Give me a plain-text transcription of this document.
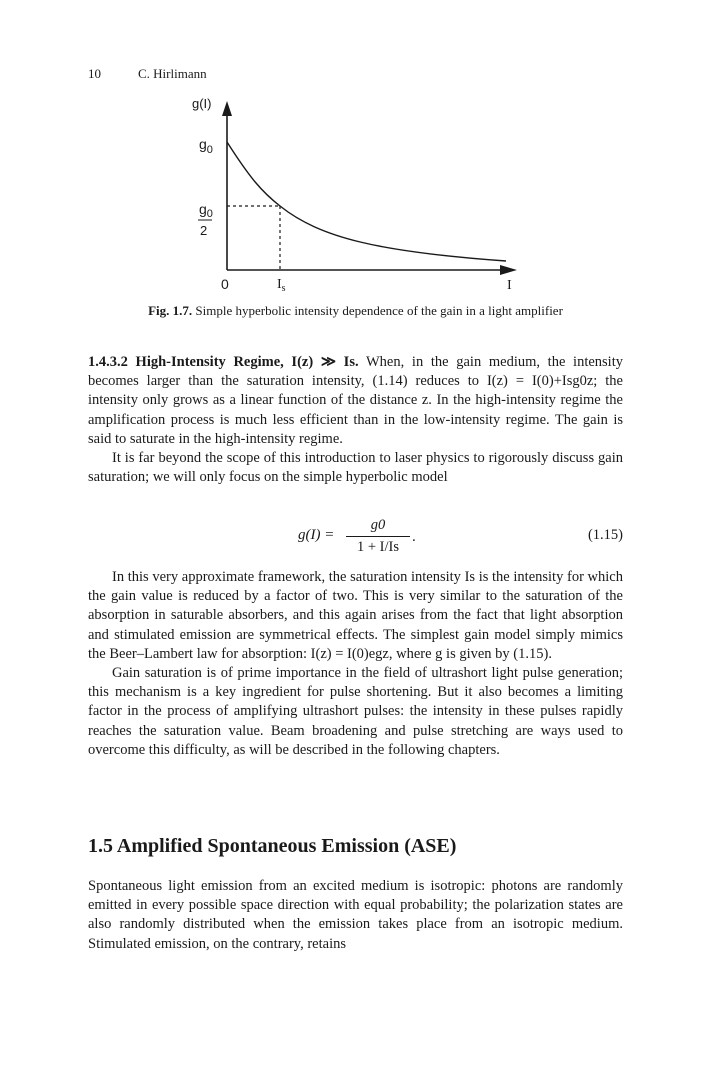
10	C. Hirlimann
g(I)
$g_0$
$g_0$
2
0	$I_s$	I
Fig. 1.7. Simple hyperbolic intensity dependence of the gain in a light amplifier

1.4.3.2 High-Intensity Regime, I(z) ≫ Is. When, in the gain medium, the intensity becomes larger than the saturation intensity, (1.14) reduces to I(z) = I(0)+Isg0z; the intensity only grows as a linear function of the distance z. In the high-intensity regime the amplification process is much less efficient than in the low-intensity regime. The gain is said to saturate in the high-intensity regime.

It is far beyond the scope of this introduction to laser physics to rigorously discuss gain saturation; we will only focus on the simple hyperbolic model

$g(I) = \frac{g0}{1 + I/Is}$ .	(1.15)

In this very approximate framework, the saturation intensity Is is the intensity for which the gain value is reduced by a factor of two. This is very similar to the saturation of the absorption in saturable absorbers, and this again arises from the fact that light absorption and stimulated emission are symmetrical effects. The simplest gain model simply mimics the Beer–Lambert law for absorption: I(z) = I(0)egz, where g is given by (1.15).

Gain saturation is of prime importance in the field of ultrashort light pulse generation; this mechanism is a key ingredient for pulse shortening. But it also becomes a limiting factor in the process of amplifying ultrashort pulses: the intensity in these pulses rapidly reaches the saturation value. Beam broadening and pulse stretching are ways used to overcome this difficulty, as will be described in the following chapters.

1.5 Amplified Spontaneous Emission (ASE)

Spontaneous light emission from an excited medium is isotropic: photons are randomly emitted in every possible space direction with equal probability; the polarization states are also randomly distributed when the emission takes place from an isotropic medium. Stimulated emission, on the contrary, retains
